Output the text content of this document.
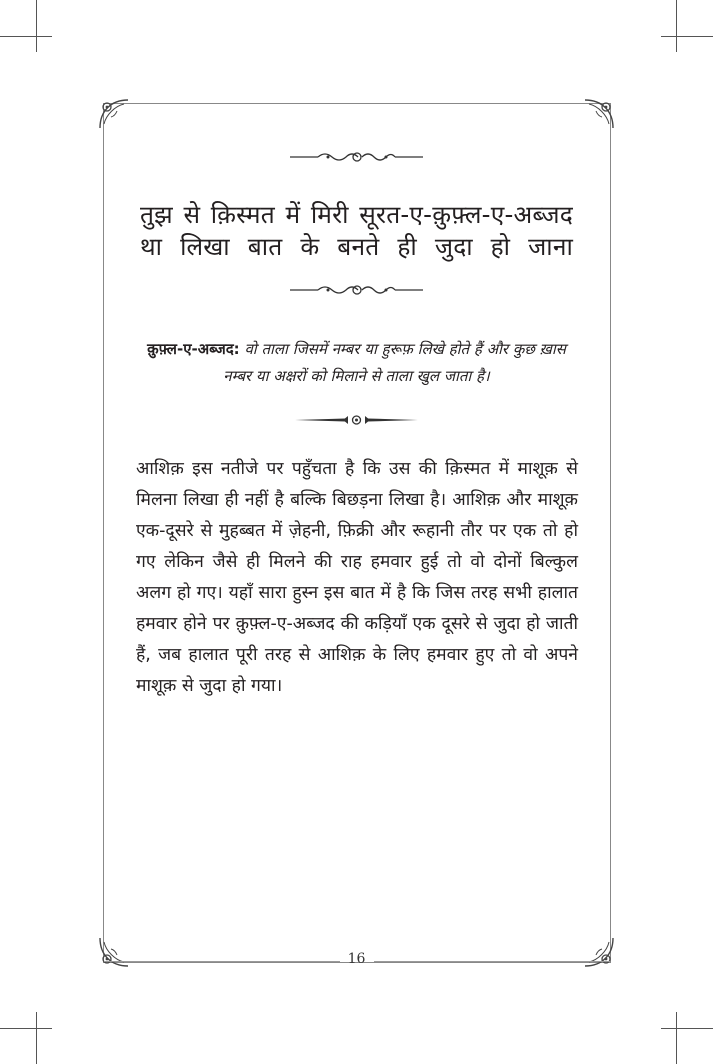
तुझ से क़िस्मत में मिरी सूरत-ए-क़ुफ़्ल-ए-अब्जद

था लिखा बात के बनते ही जुदा हो जाना

क़ुफ़्ल-ए-अब्जद: वो ताला जिसमें नम्बर या हुरूफ़ लिखे होते हैं और कुछ ख़ास नम्बर या अक्षरों को मिलाने से ताला खुल जाता है।

आशिक़ इस नतीजे पर पहुँचता है कि उस की क़िस्मत में माशूक़ से मिलना लिखा ही नहीं है बल्कि बिछड़ना लिखा है। आशिक़ और माशूक़ एक-दूसरे से मुहब्बत में ज़ेहनी, फ़िक्री और रूहानी तौर पर एक तो हो गए लेकिन जैसे ही मिलने की राह हमवार हुई तो वो दोनों बिल्कुल अलग हो गए। यहाँ सारा हुस्न इस बात में है कि जिस तरह सभी हालात हमवार होने पर क़ुफ़्ल-ए-अब्जद की कड़ियाँ एक दूसरे से जुदा हो जाती हैं, जब हालात पूरी तरह से आशिक़ के लिए हमवार हुए तो वो अपने माशूक़ से जुदा हो गया।

16
